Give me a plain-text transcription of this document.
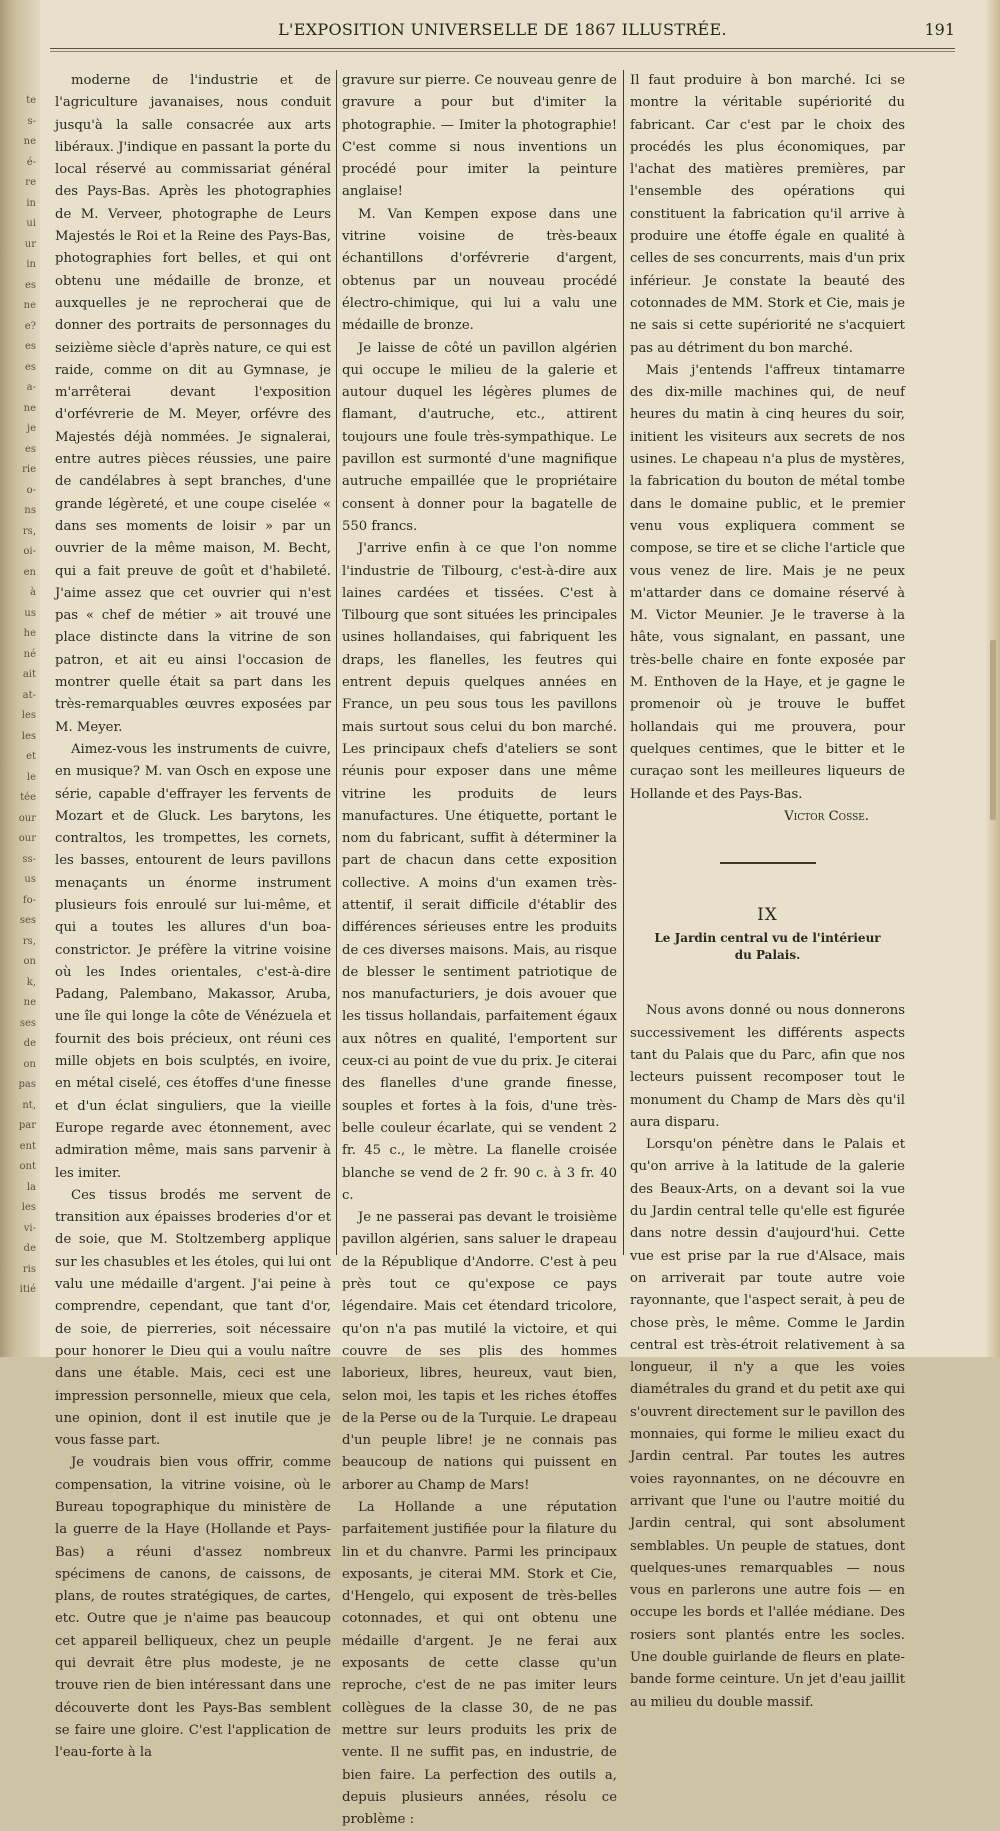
te
s-
ne
é-
re
in
ui
ur
in
es
ne
e?
es
es
a-
ne
je
es
rie
o-
ns
rs,
oi-
en
à
us
he
né
ait
at-
les
les
et
le
tée
our
our
ss-
us
fo-
ses
rs,
on
k,
ne
ses
de
on
pas
nt,
par
ent
ont
la
les
vi-
de
ris
itié
L'EXPOSITION UNIVERSELLE DE 1867 ILLUSTRÉE.	191

moderne de l'industrie et de l'agriculture javanaises, nous conduit jusqu'à la salle consacrée aux arts libéraux. J'indique en passant la porte du local réservé au commissariat général des Pays-Bas. Après les photographies de M. Verveer, photographe de Leurs Majestés le Roi et la Reine des Pays-Bas, photographies fort belles, et qui ont obtenu une médaille de bronze, et auxquelles je ne reprocherai que de donner des portraits de personnages du seizième siècle d'après nature, ce qui est raide, comme on dit au Gymnase, je m'arrêterai devant l'exposition d'orfévrerie de M. Meyer, orfévre des Majestés déjà nommées. Je signalerai, entre autres pièces réussies, une paire de candélabres à sept branches, d'une grande légèreté, et une coupe ciselée « dans ses moments de loisir » par un ouvrier de la même maison, M. Becht, qui a fait preuve de goût et d'habileté. J'aime assez que cet ouvrier qui n'est pas « chef de métier » ait trouvé une place distincte dans la vitrine de son patron, et ait eu ainsi l'occasion de montrer quelle était sa part dans les très-remarquables œuvres exposées par M. Meyer.

Aimez-vous les instruments de cuivre, en musique? M. van Osch en expose une série, capable d'effrayer les fervents de Mozart et de Gluck. Les barytons, les contraltos, les trompettes, les cornets, les basses, entourent de leurs pavillons menaçants un énorme instrument plusieurs fois enroulé sur lui-même, et qui a toutes les allures d'un boa-constrictor. Je préfère la vitrine voisine où les Indes orientales, c'est-à-dire Padang, Palembano, Makassor, Aruba, une île qui longe la côte de Vénézuela et fournit des bois précieux, ont réuni ces mille objets en bois sculptés, en ivoire, en métal ciselé, ces étoffes d'une finesse et d'un éclat singuliers, que la vieille Europe regarde avec étonnement, avec admiration même, mais sans parvenir à les imiter.

Ces tissus brodés me servent de transition aux épaisses broderies d'or et de soie, que M. Stoltzemberg applique sur les chasubles et les étoles, qui lui ont valu une médaille d'argent. J'ai peine à comprendre, cependant, que tant d'or, de soie, de pierreries, soit nécessaire pour honorer le Dieu qui a voulu naître dans une étable. Mais, ceci est une impression personnelle, mieux que cela, une opinion, dont il est inutile que je vous fasse part.

Je voudrais bien vous offrir, comme compensation, la vitrine voisine, où le Bureau topographique du ministère de la guerre de la Haye (Hollande et Pays-Bas) a réuni d'assez nombreux spécimens de canons, de caissons, de plans, de routes stratégiques, de cartes, etc. Outre que je n'aime pas beaucoup cet appareil belliqueux, chez un peuple qui devrait être plus modeste, je ne trouve rien de bien intéressant dans une découverte dont les Pays-Bas semblent se faire une gloire. C'est l'application de l'eau-forte à la

gravure sur pierre. Ce nouveau genre de gravure a pour but d'imiter la photographie. — Imiter la photographie! C'est comme si nous inventions un procédé pour imiter la peinture anglaise!

M. Van Kempen expose dans une vitrine voisine de très-beaux échantillons d'orfévrerie d'argent, obtenus par un nouveau procédé électro-chimique, qui lui a valu une médaille de bronze.

Je laisse de côté un pavillon algérien qui occupe le milieu de la galerie et autour duquel les légères plumes de flamant, d'autruche, etc., attirent toujours une foule très-sympathique. Le pavillon est surmonté d'une magnifique autruche empaillée que le propriétaire consent à donner pour la bagatelle de 550 francs.

J'arrive enfin à ce que l'on nomme l'industrie de Tilbourg, c'est-à-dire aux laines cardées et tissées. C'est à Tilbourg que sont situées les principales usines hollandaises, qui fabriquent les draps, les flanelles, les feutres qui entrent depuis quelques années en France, un peu sous tous les pavillons mais surtout sous celui du bon marché. Les principaux chefs d'ateliers se sont réunis pour exposer dans une même vitrine les produits de leurs manufactures. Une étiquette, portant le nom du fabricant, suffit à déterminer la part de chacun dans cette exposition collective. A moins d'un examen très-attentif, il serait difficile d'établir des différences sérieuses entre les produits de ces diverses maisons. Mais, au risque de blesser le sentiment patriotique de nos manufacturiers, je dois avouer que les tissus hollandais, parfaitement égaux aux nôtres en qualité, l'emportent sur ceux-ci au point de vue du prix. Je citerai des flanelles d'une grande finesse, souples et fortes à la fois, d'une très-belle couleur écarlate, qui se vendent 2 fr. 45 c., le mètre. La flanelle croisée blanche se vend de 2 fr. 90 c. à 3 fr. 40 c.

Je ne passerai pas devant le troisième pavillon algérien, sans saluer le drapeau de la République d'Andorre. C'est à peu près tout ce qu'expose ce pays légendaire. Mais cet étendard tricolore, qu'on n'a pas mutilé la victoire, et qui couvre de ses plis des hommes laborieux, libres, heureux, vaut bien, selon moi, les tapis et les riches étoffes de la Perse ou de la Turquie. Le drapeau d'un peuple libre! je ne connais pas beaucoup de nations qui puissent en arborer au Champ de Mars!

La Hollande a une réputation parfaitement justifiée pour la filature du lin et du chanvre. Parmi les principaux exposants, je citerai MM. Stork et Cie, d'Hengelo, qui exposent de très-belles cotonnades, et qui ont obtenu une médaille d'argent. Je ne ferai aux exposants de cette classe qu'un reproche, c'est de ne pas imiter leurs collègues de la classe 30, de ne pas mettre sur leurs produits les prix de vente. Il ne suffit pas, en industrie, de bien faire. La perfection des outils a, depuis plusieurs années, résolu ce problème :

Il faut produire à bon marché. Ici se montre la véritable supériorité du fabricant. Car c'est par le choix des procédés les plus économiques, par l'achat des matières premières, par l'ensemble des opérations qui constituent la fabrication qu'il arrive à produire une étoffe égale en qualité à celles de ses concurrents, mais d'un prix inférieur. Je constate la beauté des cotonnades de MM. Stork et Cie, mais je ne sais si cette supériorité ne s'acquiert pas au détriment du bon marché.

Mais j'entends l'affreux tintamarre des dix-mille machines qui, de neuf heures du matin à cinq heures du soir, initient les visiteurs aux secrets de nos usines. Le chapeau n'a plus de mystères, la fabrication du bouton de métal tombe dans le domaine public, et le premier venu vous expliquera comment se compose, se tire et se cliche l'article que vous venez de lire. Mais je ne peux m'attarder dans ce domaine réservé à M. Victor Meunier. Je le traverse à la hâte, vous signalant, en passant, une très-belle chaire en fonte exposée par M. Enthoven de la Haye, et je gagne le promenoir où je trouve le buffet hollandais qui me prouvera, pour quelques centimes, que le bitter et le curaçao sont les meilleures liqueurs de Hollande et des Pays-Bas.

Victor Cosse.
IX
Le Jardin central vu de l'intérieur
du Palais.

Nous avons donné ou nous donnerons successivement les différents aspects tant du Palais que du Parc, afin que nos lecteurs puissent recomposer tout le monument du Champ de Mars dès qu'il aura disparu.

Lorsqu'on pénètre dans le Palais et qu'on arrive à la latitude de la galerie des Beaux-Arts, on a devant soi la vue du Jardin central telle qu'elle est figurée dans notre dessin d'aujourd'hui. Cette vue est prise par la rue d'Alsace, mais on arriverait par toute autre voie rayonnante, que l'aspect serait, à peu de chose près, le même. Comme le Jardin central est très-étroit relativement à sa longueur, il n'y a que les voies diamétrales du grand et du petit axe qui s'ouvrent directement sur le pavillon des monnaies, qui forme le milieu exact du Jardin central. Par toutes les autres voies rayonnantes, on ne découvre en arrivant que l'une ou l'autre moitié du Jardin central, qui sont absolument semblables. Un peuple de statues, dont quelques-unes remarquables — nous vous en parlerons une autre fois — en occupe les bords et l'allée médiane. Des rosiers sont plantés entre les socles. Une double guirlande de fleurs en plate-bande forme ceinture. Un jet d'eau jaillit au milieu du double massif.
